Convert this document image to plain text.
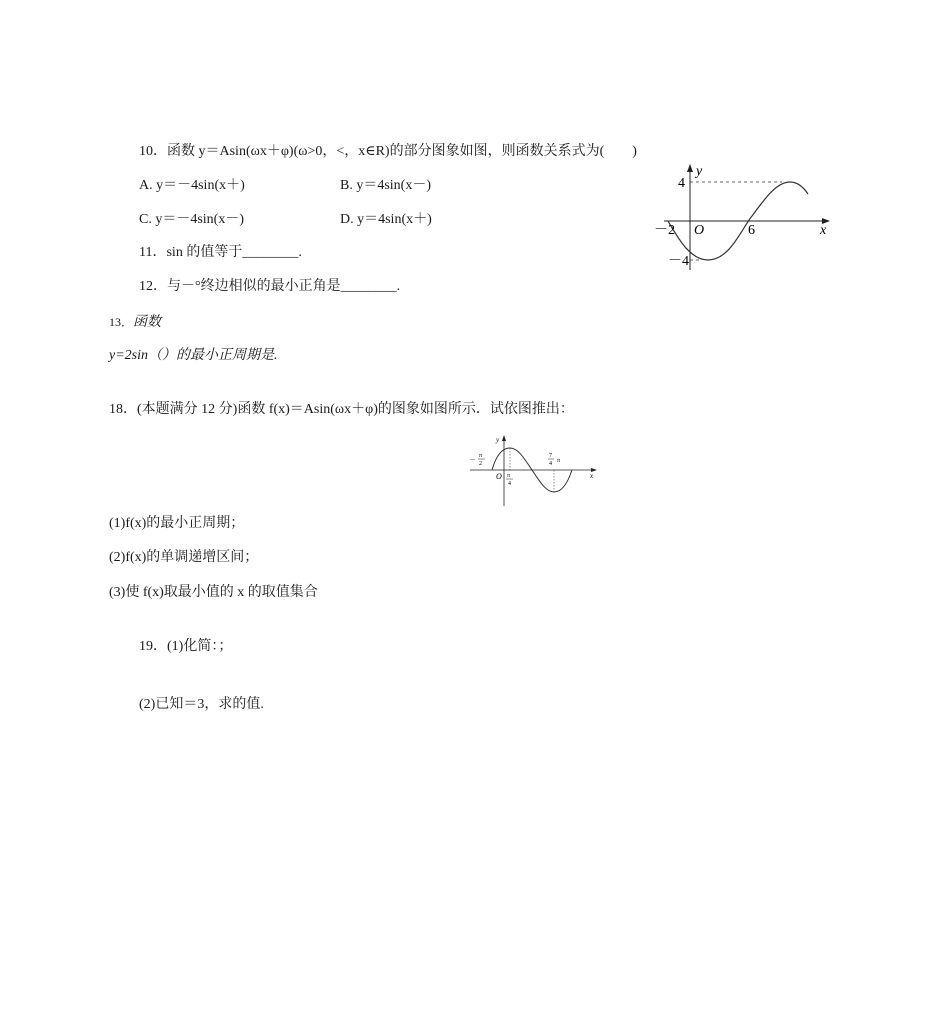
10．函数 y＝Asin(ωx＋φ)(ω>0，<，x∈R)的部分图象如图，则函数关系式为(　　)
A. y＝－4sin(x＋)	B. y＝4sin(x－)
C. y＝－4sin(x－)	D. y＝4sin(x＋)
y
x
O
4
－4
－2	6
11．sin 的值等于________.
12．与－°终边相似的最小正角是________.
13．函数
y=2sin（）的最小正周期是.
18．(本题满分 12 分)函数 f(x)＝Asin(ωx＋φ)的图象如图所示．试依图推出：
y
x
O
－ π
2
π
4
7
4 π
(1)f(x)的最小正周期；
(2)f(x)的单调递增区间；
(3)使 f(x)取最小值的 x 的取值集合
19．(1)化简：；
(2)已知＝3，求的值.
